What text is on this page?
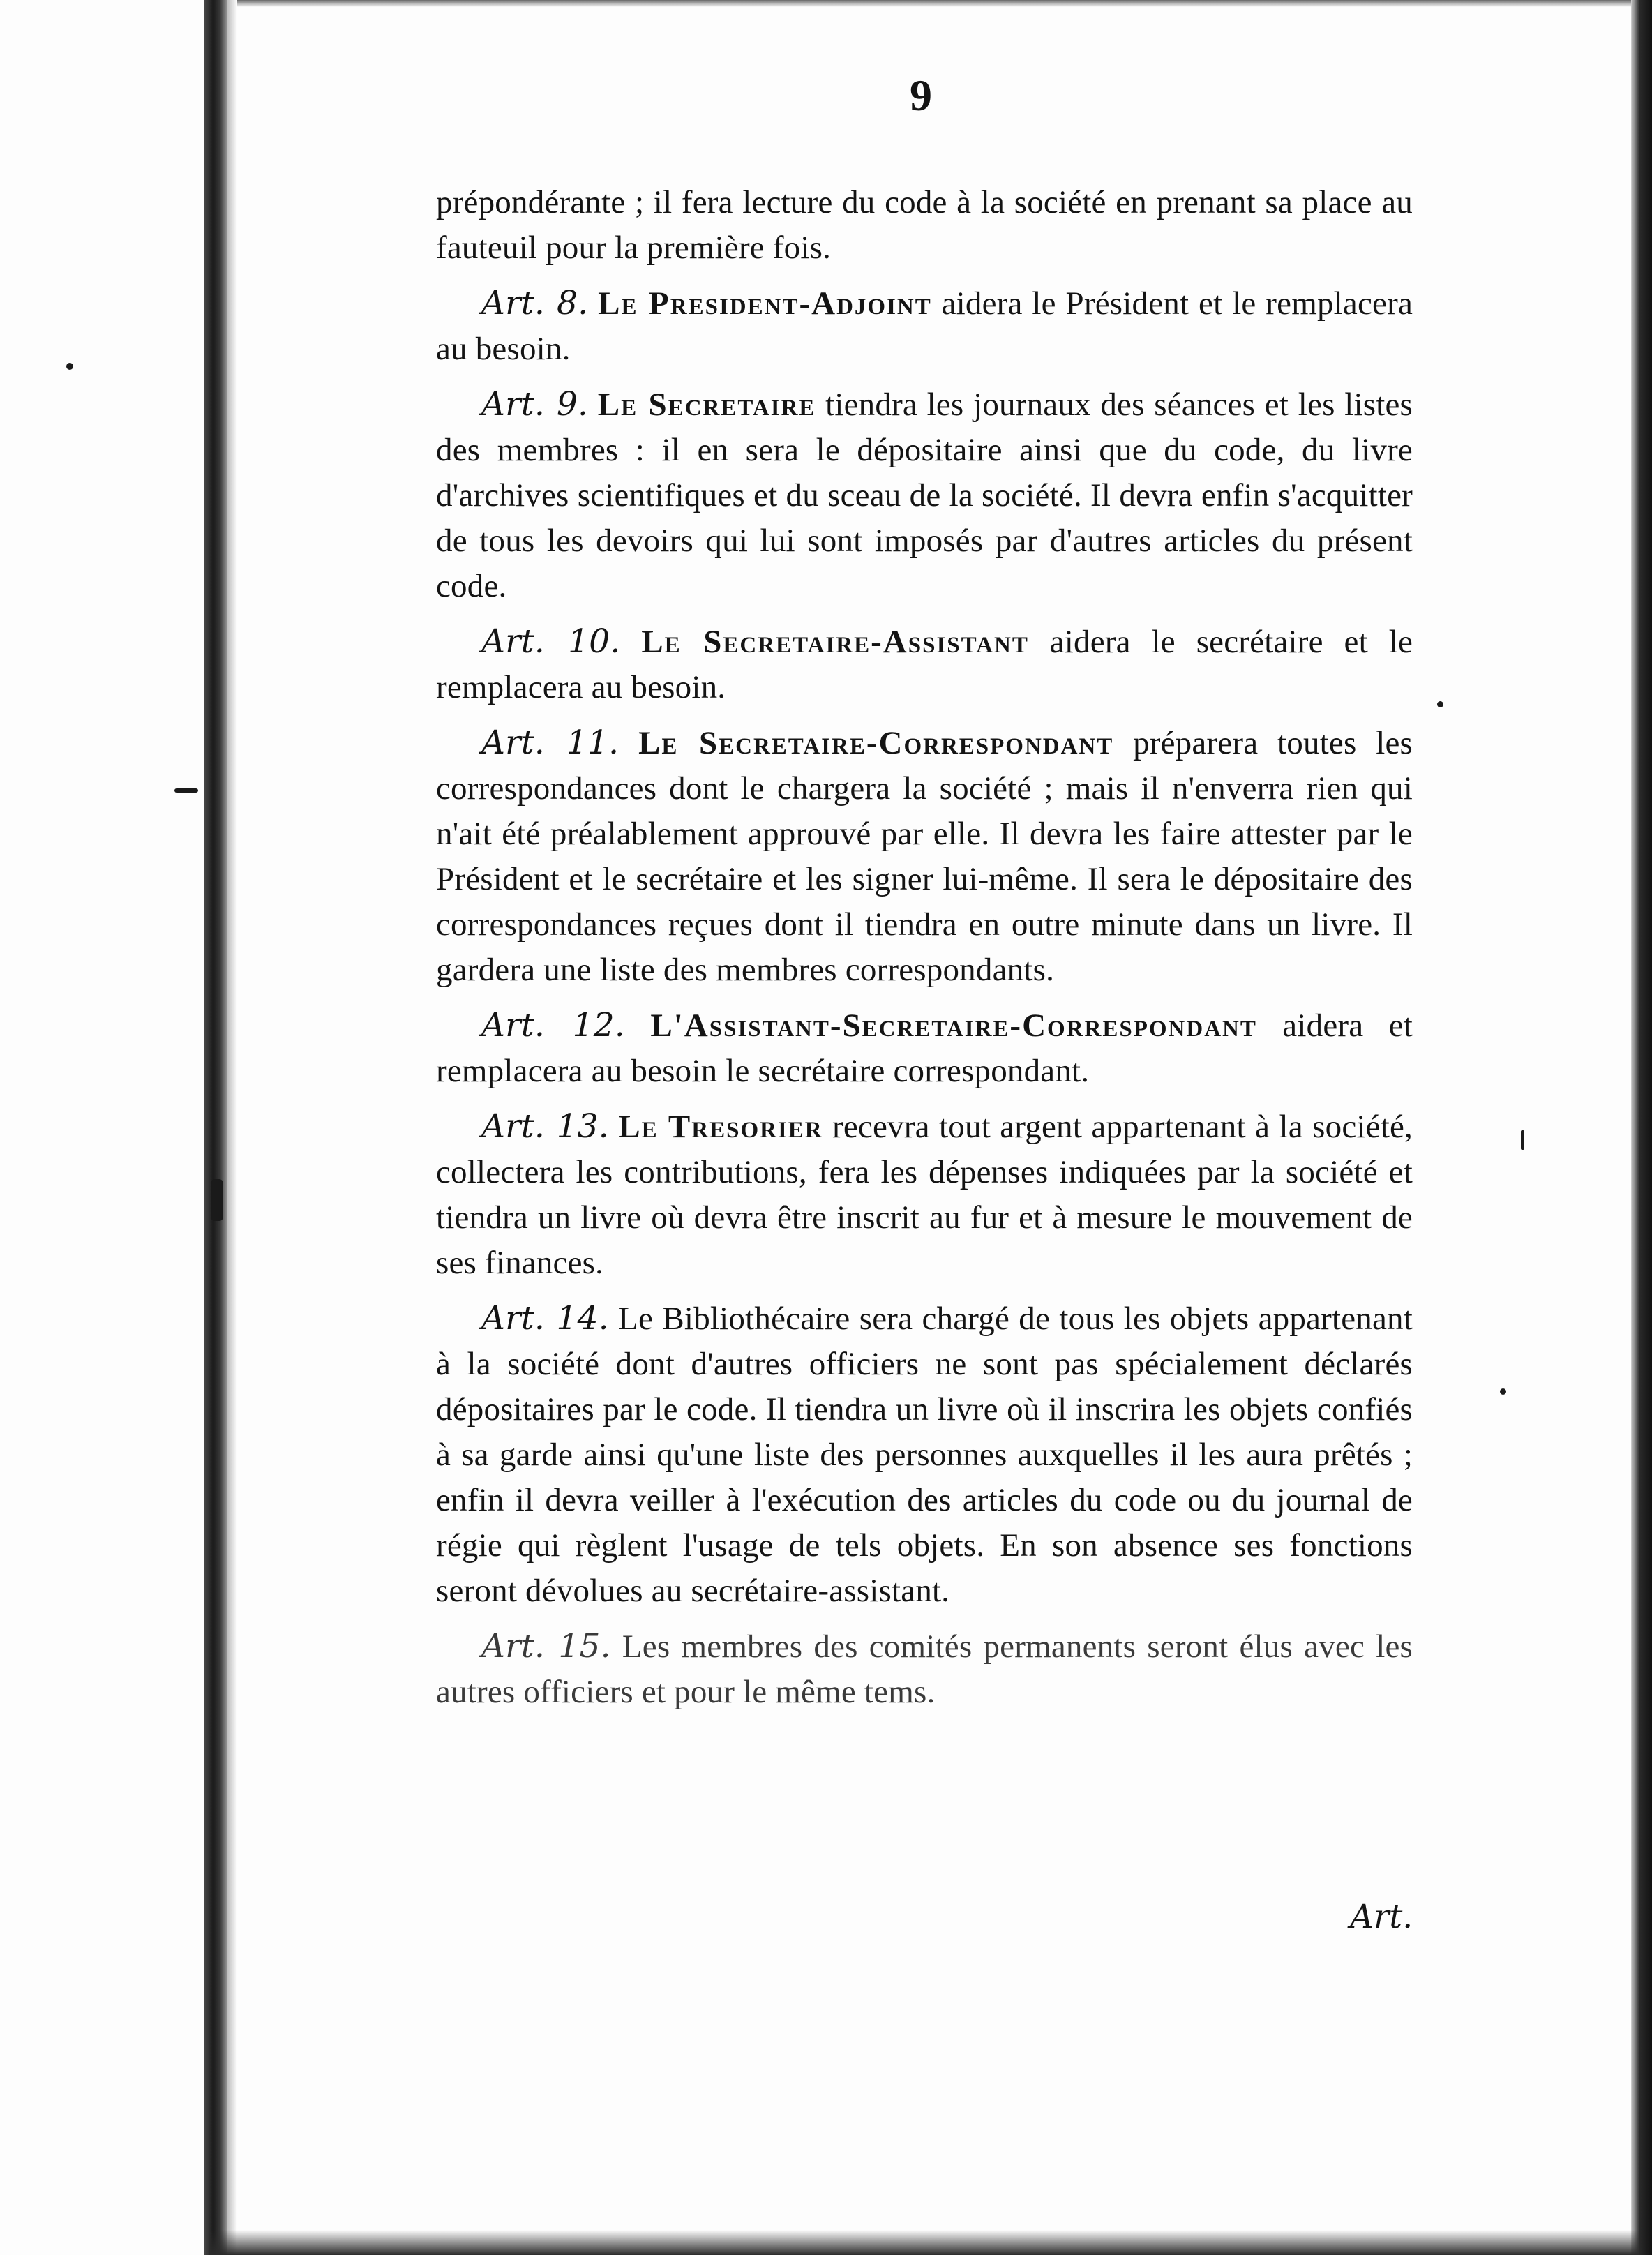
9

prépondérante ; il fera lecture du code à la société en prenant sa place au fauteuil pour la première fois.

Art. 8. Le President-Adjoint aidera le Président et le remplacera au besoin.

Art. 9. Le Secretaire tiendra les journaux des séances et les listes des membres : il en sera le dépositaire ainsi que du code, du livre d'archives scientifiques et du sceau de la société. Il devra enfin s'acquitter de tous les devoirs qui lui sont imposés par d'autres articles du présent code.

Art. 10. Le Secretaire-Assistant aidera le secrétaire et le remplacera au besoin.

Art. 11. Le Secretaire-Correspondant préparera toutes les correspondances dont le chargera la société ; mais il n'enverra rien qui n'ait été préalablement approuvé par elle. Il devra les faire attester par le Président et le secrétaire et les signer lui-même. Il sera le dépositaire des correspondances reçues dont il tiendra en outre minute dans un livre. Il gardera une liste des membres correspondants.

Art. 12. L'Assistant-Secretaire-Correspondant aidera et remplacera au besoin le secrétaire correspondant.

Art. 13. Le Tresorier recevra tout argent appartenant à la société, collectera les contributions, fera les dépenses indiquées par la société et tiendra un livre où devra être inscrit au fur et à mesure le mouvement de ses finances.

Art. 14. Le Bibliothécaire sera chargé de tous les objets appartenant à la société dont d'autres officiers ne sont pas spécialement déclarés dépositaires par le code. Il tiendra un livre où il inscrira les objets confiés à sa garde ainsi qu'une liste des personnes auxquelles il les aura prêtés ; enfin il devra veiller à l'exécution des articles du code ou du journal de régie qui règlent l'usage de tels objets. En son absence ses fonctions seront dévolues au secrétaire-assistant.

Art. 15. Les membres des comités permanents seront élus avec les autres officiers et pour le même tems.

Art.
